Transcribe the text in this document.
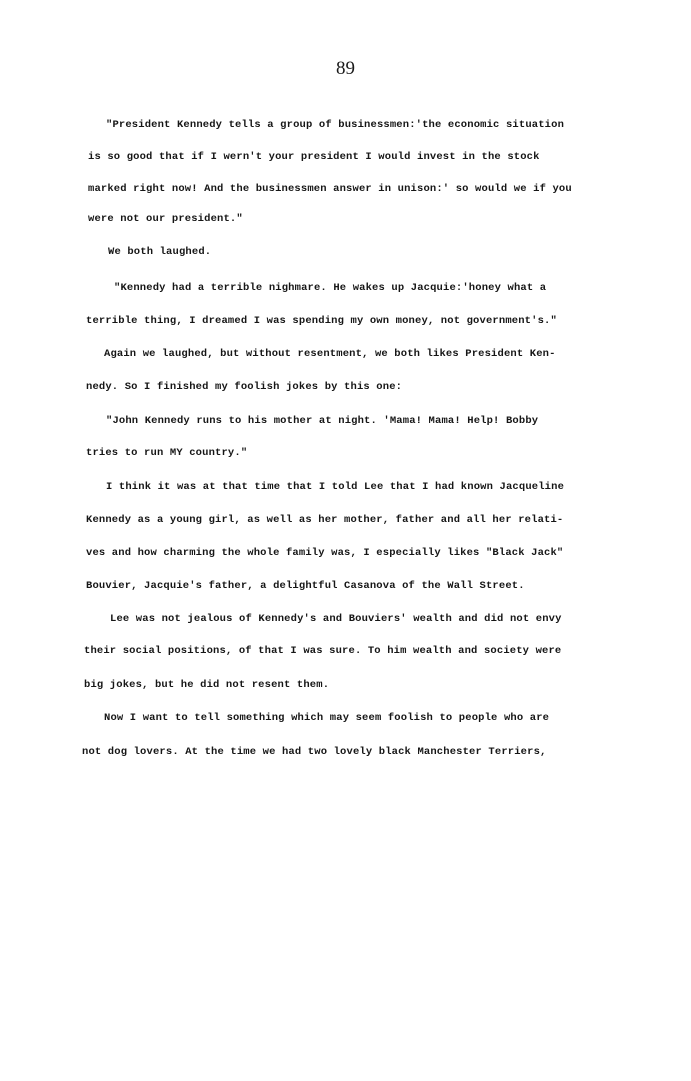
89
"President Kennedy tells a group of businessmen:'the economic situation
is so good that if I wern't your president I would invest in the stock
marked right now! And the businessmen answer in unison:' so would we if you
were not our president."
We both laughed.
"Kennedy had a terrible nighmare. He wakes up Jacquie:'honey what a
terrible thing, I dreamed I was spending my own money, not government's."
Again we laughed, but without resentment, we both likes President Ken-
nedy. So I finished my foolish jokes by this one:
"John Kennedy runs to his mother at night. 'Mama! Mama! Help! Bobby
tries to run MY country."
I think it was at that time that I told Lee that I had known Jacqueline
Kennedy as a young girl, as well as her mother, father and all her relati-
ves and how charming the whole family was, I especially likes "Black Jack"
Bouvier, Jacquie's father, a delightful Casanova of the Wall Street.
Lee was not jealous of Kennedy's and Bouviers' wealth and did not envy
their social positions, of that I was sure. To him wealth and society were
big jokes, but he did not resent them.
Now I want to tell something which may seem foolish to people who are
not dog lovers. At the time we had two lovely black Manchester Terriers,
